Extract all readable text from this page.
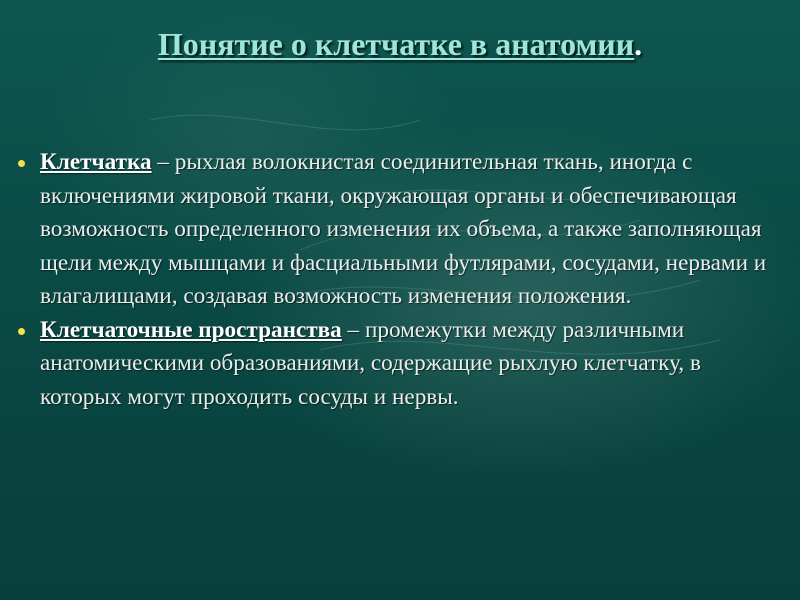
Понятие о клетчатке в анатомии.
Клетчатка – рыхлая волокнистая соединительная ткань, иногда с включениями жировой ткани, окружающая органы и обеспечивающая возможность определенного изменения их объема, а также заполняющая щели между мышцами и фасциальными футлярами, сосудами, нервами и влагалищами, создавая возможность изменения положения.
Клетчаточные пространства – промежутки между различными анатомическими образованиями, содержащие рыхлую клетчатку, в которых могут проходить сосуды и нервы.
